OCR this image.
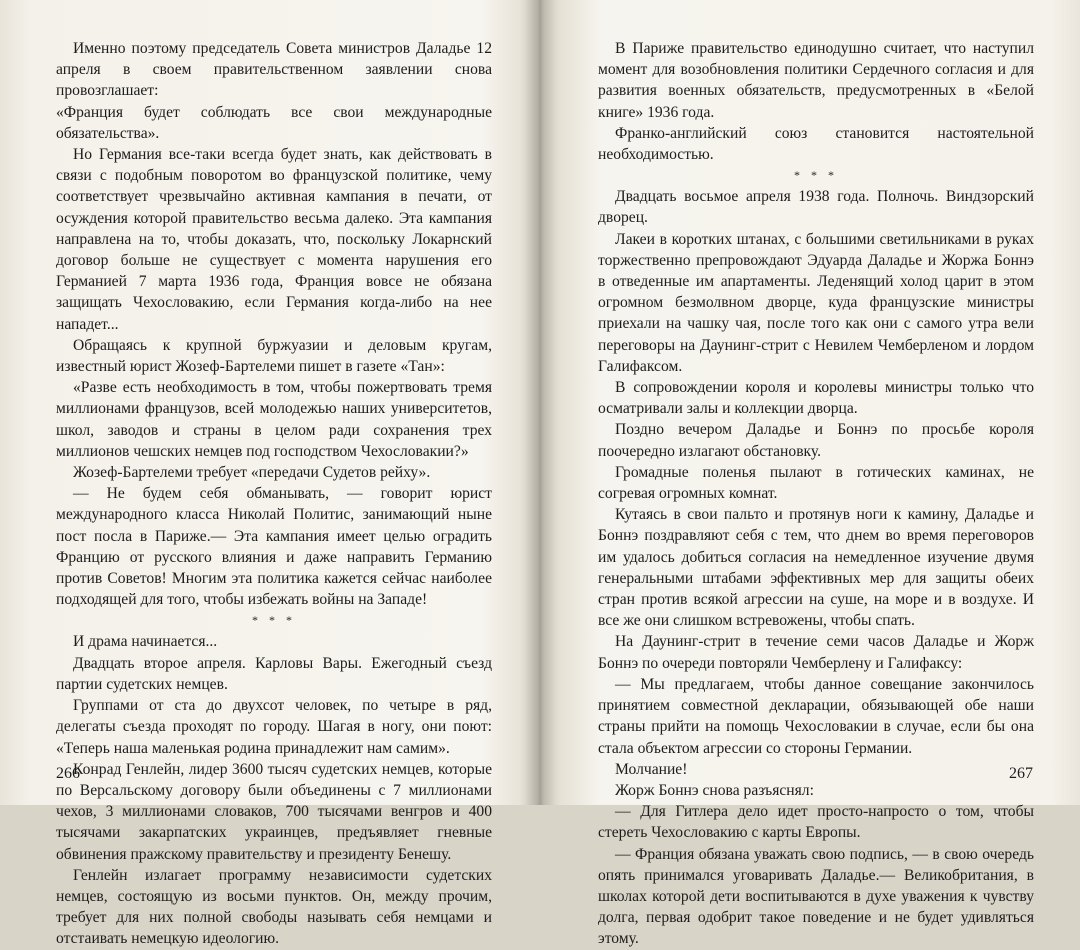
Именно поэтому председатель Совета министров Даладье 12 апреля в своем правительственном заявлении снова провозглашает:

«Франция будет соблюдать все свои международные обязательства».

Но Германия все-таки всегда будет знать, как действовать в связи с подобным поворотом во французской политике, чему соответствует чрезвычайно активная кампания в печати, от осуждения которой правительство весьма далеко. Эта кампания направлена на то, чтобы доказать, что, поскольку Локарнский договор больше не существует с момента нарушения его Германией 7 марта 1936 года, Франция вовсе не обязана защищать Чехословакию, если Германия когда-либо на нее нападет...

Обращаясь к крупной буржуазии и деловым кругам, известный юрист Жозеф-Бартелеми пишет в газете «Тан»:

«Разве есть необходимость в том, чтобы пожертвовать тремя миллионами французов, всей молодежью наших университетов, школ, заводов и страны в целом ради сохранения трех миллионов чешских немцев под господством Чехословакии?»

Жозеф-Бартелеми требует «передачи Судетов рейху».

— Не будем себя обманывать, — говорит юрист международного класса Николай Политис, занимающий ныне пост посла в Париже.— Эта кампания имеет целью оградить Францию от русского влияния и даже направить Германию против Советов! Многим эта политика кажется сейчас наиболее подходящей для того, чтобы избежать войны на Западе!

* * *

И драма начинается...

Двадцать второе апреля. Карловы Вары. Ежегодный съезд партии судетских немцев.

Группами от ста до двухсот человек, по четыре в ряд, делегаты съезда проходят по городу. Шагая в ногу, они поют: «Теперь наша маленькая родина принадлежит нам самим».

Конрад Генлейн, лидер 3600 тысяч судетских немцев, которые по Версальскому договору были объединены с 7 миллионами чехов, 3 миллионами словаков, 700 тысячами венгров и 400 тысячами закарпатских украинцев, предъявляет гневные обвинения пражскому правительству и президенту Бенешу.

Генлейн излагает программу независимости судетских немцев, состоящую из восьми пунктов. Он, между прочим, требует для них полной свободы называть себя немцами и отстаивать немецкую идеологию.

266

В Париже правительство единодушно считает, что наступил момент для возобновления политики Сердечного согласия и для развития военных обязательств, предусмотренных в «Белой книге» 1936 года.

Франко-английский союз становится настоятельной необходимостью.

* * *

Двадцать восьмое апреля 1938 года. Полночь. Виндзорский дворец.

Лакеи в коротких штанах, с большими светильниками в руках торжественно препровождают Эдуарда Даладье и Жоржа Боннэ в отведенные им апартаменты. Леденящий холод царит в этом огромном безмолвном дворце, куда французские министры приехали на чашку чая, после того как они с самого утра вели переговоры на Даунинг-стрит с Невилем Чемберленом и лордом Галифаксом.

В сопровождении короля и королевы министры только что осматривали залы и коллекции дворца.

Поздно вечером Даладье и Боннэ по просьбе короля поочередно излагают обстановку.

Громадные поленья пылают в готических каминах, не согревая огромных комнат.

Кутаясь в свои пальто и протянув ноги к камину, Даладье и Боннэ поздравляют себя с тем, что днем во время переговоров им удалось добиться согласия на немедленное изучение двумя генеральными штабами эффективных мер для защиты обеих стран против всякой агрессии на суше, на море и в воздухе. И все же они слишком встревожены, чтобы спать.

На Даунинг-стрит в течение семи часов Даладье и Жорж Боннэ по очереди повторяли Чемберлену и Галифаксу:

— Мы предлагаем, чтобы данное совещание закончилось принятием совместной декларации, обязывающей обе наши страны прийти на помощь Чехословакии в случае, если бы она стала объектом агрессии со стороны Германии.

Молчание!

Жорж Боннэ снова разъяснял:

— Для Гитлера дело идет просто-напросто о том, чтобы стереть Чехословакию с карты Европы.

— Франция обязана уважать свою подпись, — в свою очередь опять принимался уговаривать Даладье.— Великобритания, в школах которой дети воспитываются в духе уважения к чувству долга, первая одобрит такое поведение и не будет удивляться этому.

267
